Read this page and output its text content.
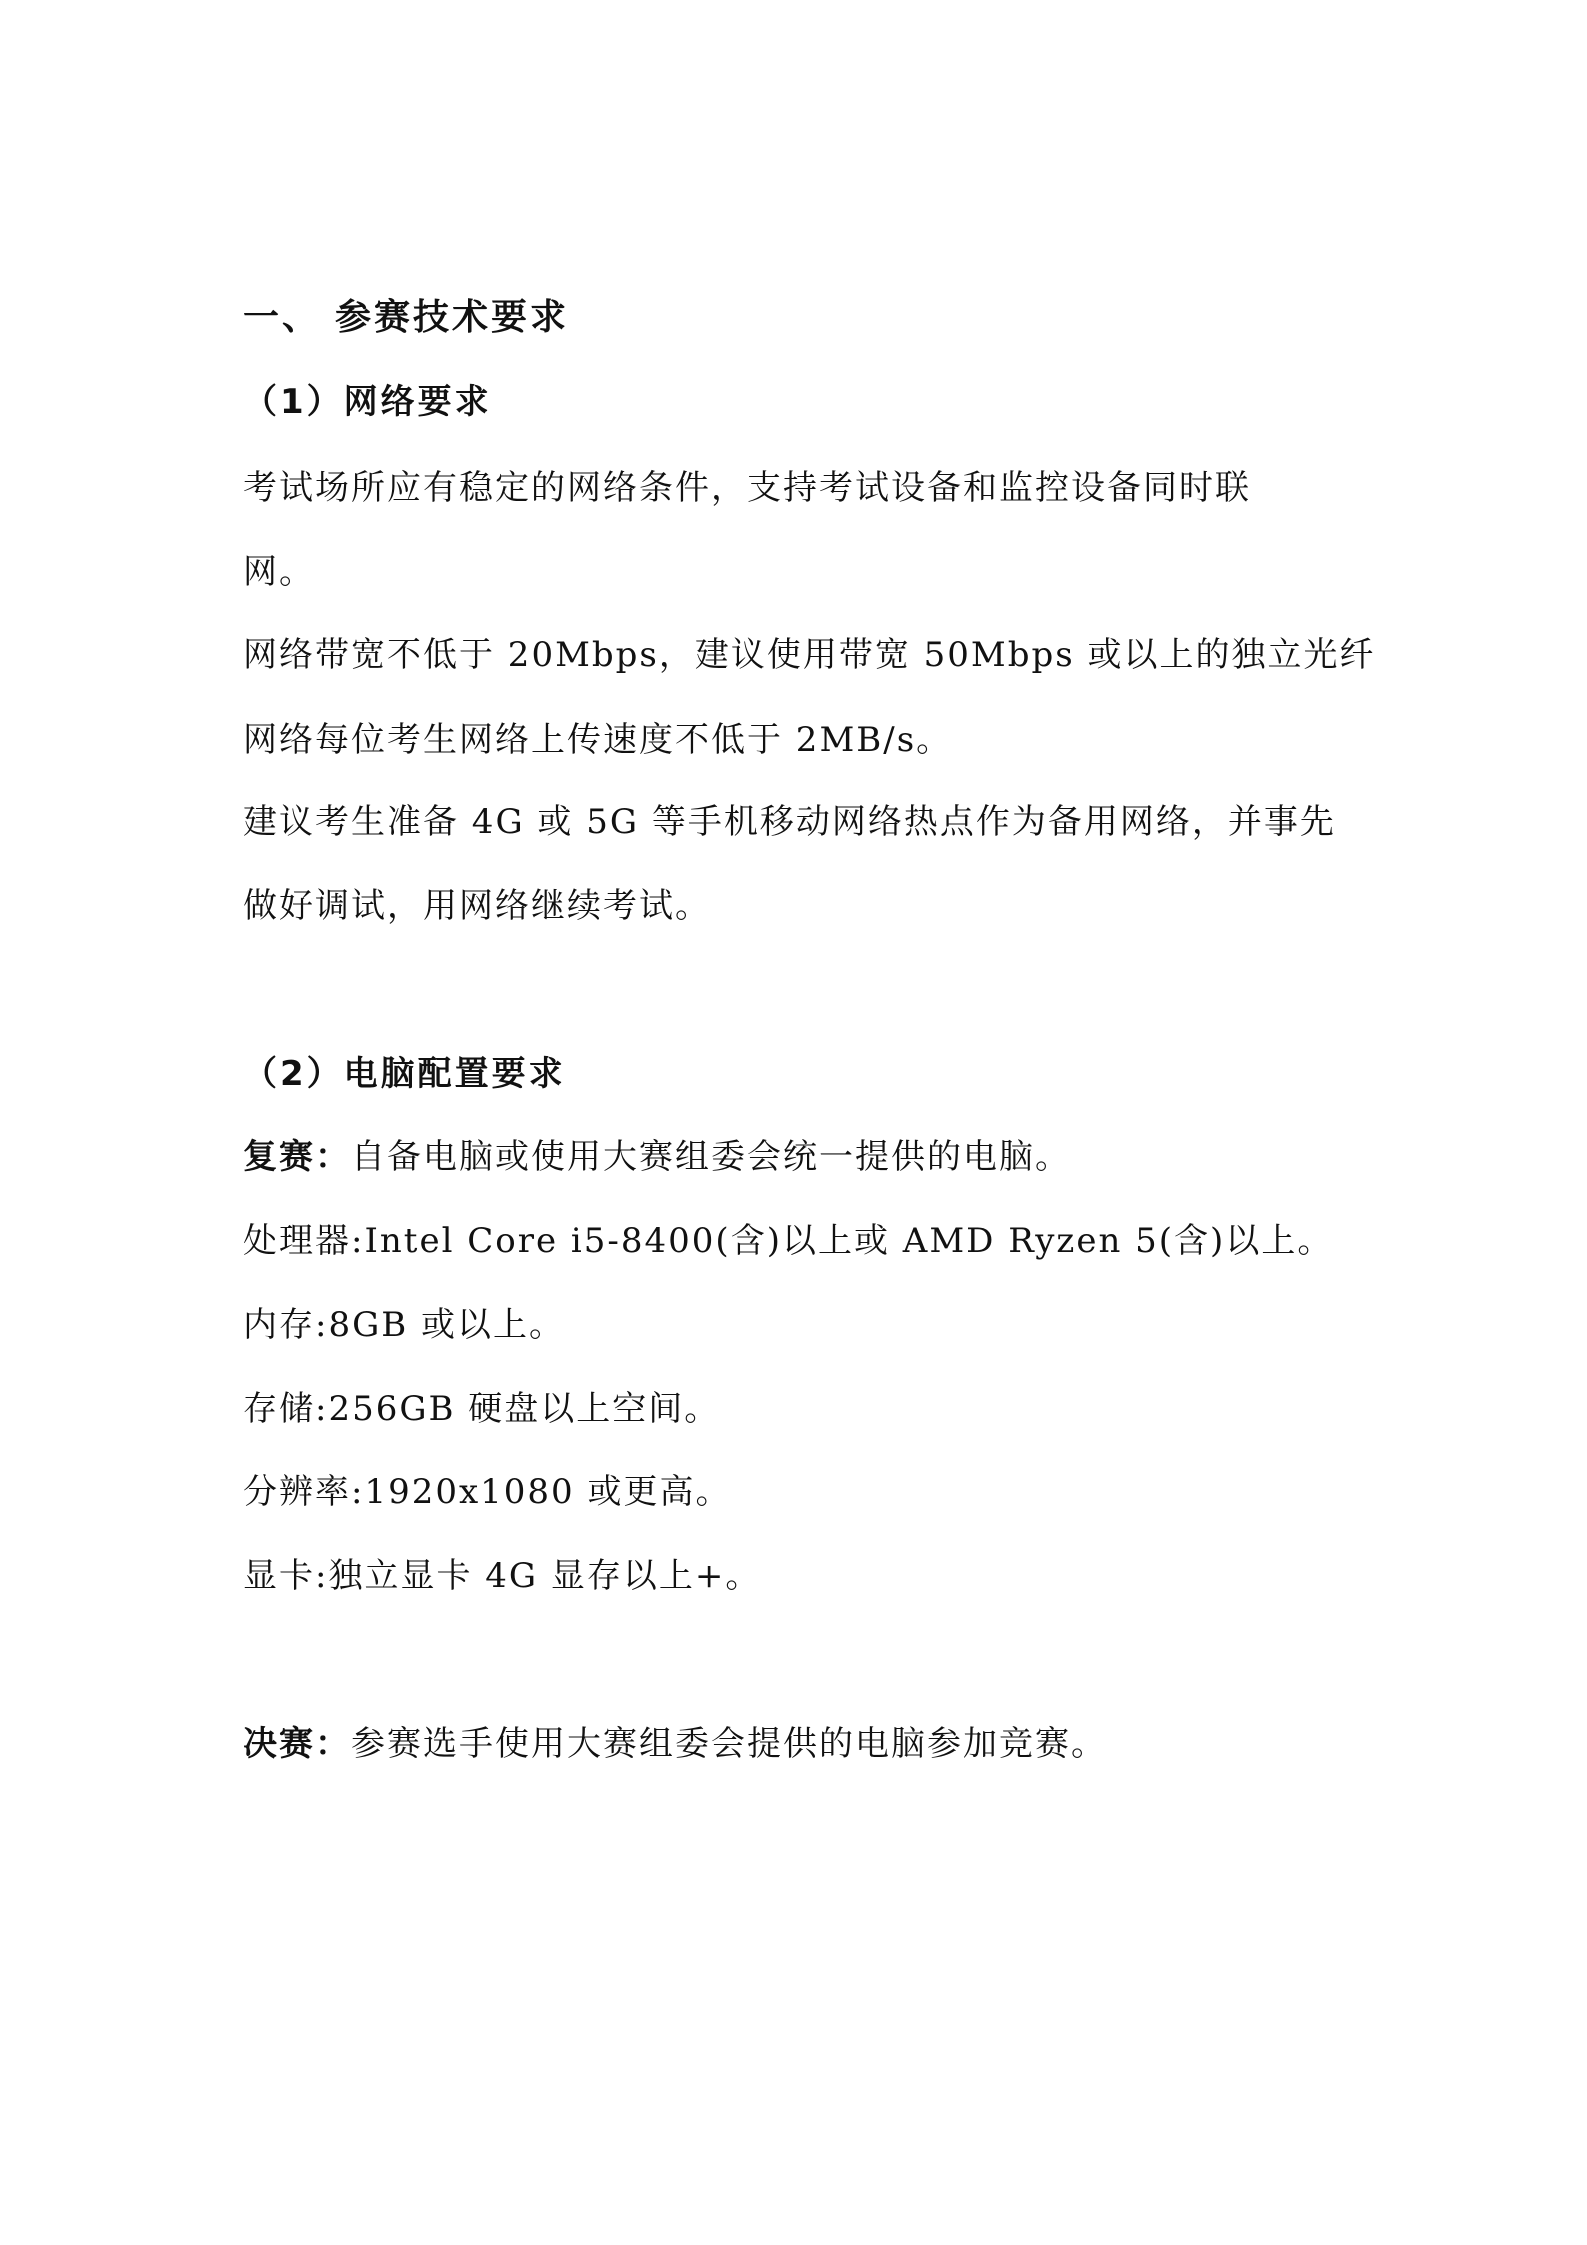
一、 参赛技术要求
（1）网络要求
考试场所应有稳定的网络条件，支持考试设备和监控设备同时联
网。
网络带宽不低于 20Mbps，建议使用带宽 50Mbps 或以上的独立光纤
网络每位考生网络上传速度不低于 2MB/s。
建议考生准备 4G 或 5G 等手机移动网络热点作为备用网络，并事先
做好调试，用网络继续考试。
（2）电脑配置要求
复赛：自备电脑或使用大赛组委会统一提供的电脑。
处理器:Intel Core i5-8400(含)以上或 AMD Ryzen 5(含)以上。
内存:8GB 或以上。
存储:256GB 硬盘以上空间。
分辨率:1920x1080 或更高。
显卡:独立显卡 4G 显存以上+。
决赛：参赛选手使用大赛组委会提供的电脑参加竞赛。
